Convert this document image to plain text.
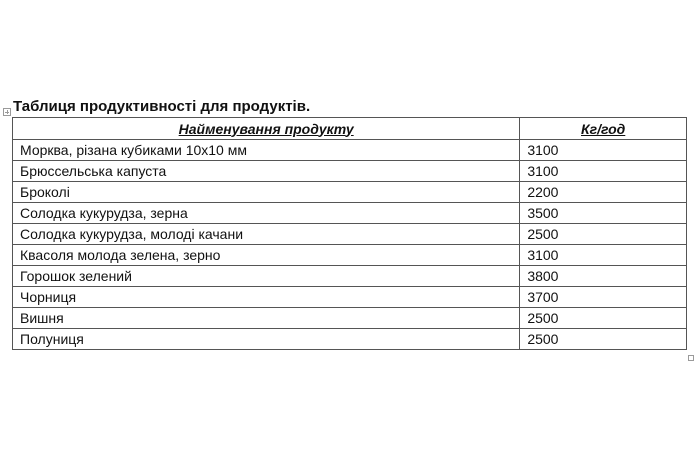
Таблиця продуктивності для продуктів.
Найменування продукту	Кг/год
Морква, різана кубиками 10х10 мм	3100
Брюссельська капуста	3100
Броколі	2200
Солодка кукурудза, зерна	3500
Солодка кукурудза, молоді качани	2500
Квасоля молода зелена, зерно	3100
Горошок зелений	3800
Чорниця	3700
Вишня	2500
Полуниця	2500
